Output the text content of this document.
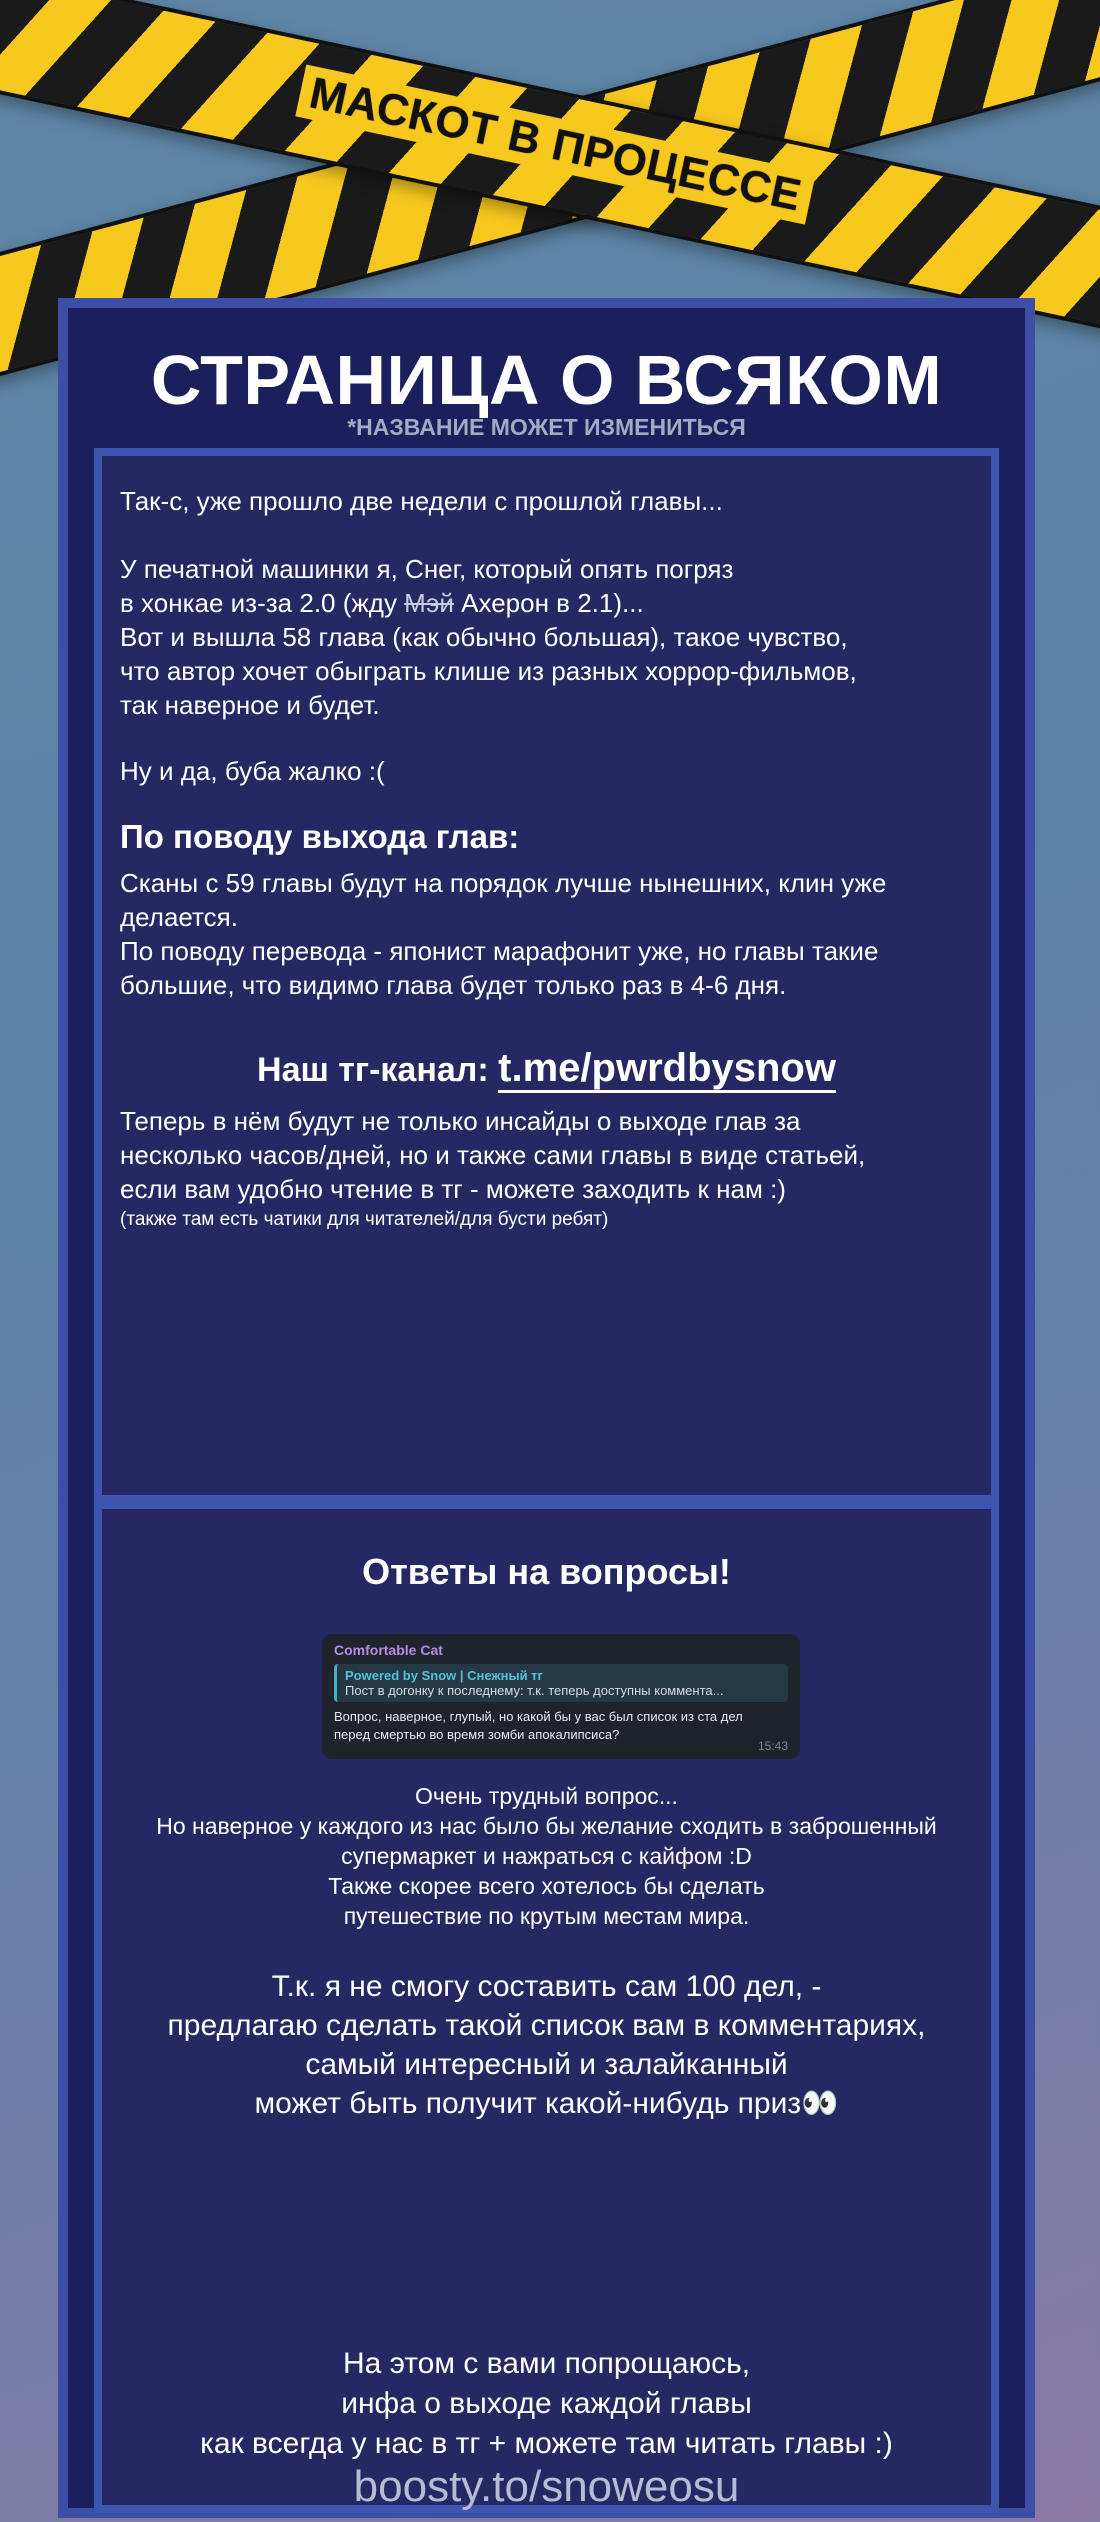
МАСКОТ В ПРОЦЕССЕ
СТРАНИЦА О ВСЯКОМ
*НАЗВАНИЕ МОЖЕТ ИЗМЕНИТЬСЯ
Так-с, уже прошло две недели с прошлой главы...
У печатной машинки я, Снег, который опять погряз
в хонкае из-за 2.0 (жду Мэй Ахерон в 2.1)...
Вот и вышла 58 глава (как обычно большая), такое чувство,
что автор хочет обыграть клише из разных хоррор-фильмов,
так наверное и будет.
Ну и да, буба жалко :(
По поводу выхода глав:
Сканы с 59 главы будут на порядок лучше нынешних, клин уже
делается.
По поводу перевода - японист марафонит уже, но главы такие
большие, что видимо глава будет только раз в 4-6 дня.
Наш тг-канал: t.me/pwrdbysnow
Теперь в нём будут не только инсайды о выходе глав за
несколько часов/дней, но и также сами главы в виде статьей,
если вам удобно чтение в тг - можете заходить к нам :)
(также там есть чатики для читателей/для бусти ребят)
Ответы на вопросы!
Comfortable Cat
Powered by Snow | Снежный тг
Пост в догонку к последнему: т.к. теперь доступны коммента...
Вопрос, наверное, глупый, но какой бы у вас был список из ста дел перед смертью во время зомби апокалипсиса?
15:43
Очень трудный вопрос...
Но наверное у каждого из нас было бы желание сходить в заброшенный
супермаркет и нажраться с кайфом :D
Также скорее всего хотелось бы сделать
путешествие по крутым местам мира.
Т.к. я не смогу составить сам 100 дел, -
предлагаю сделать такой список вам в комментариях,
самый интересный и залайканный
может быть получит какой-нибудь приз👀
На этом с вами попрощаюсь,
инфа о выходе каждой главы
как всегда у нас в тг + можете там читать главы :)
boosty.to/snoweosu
